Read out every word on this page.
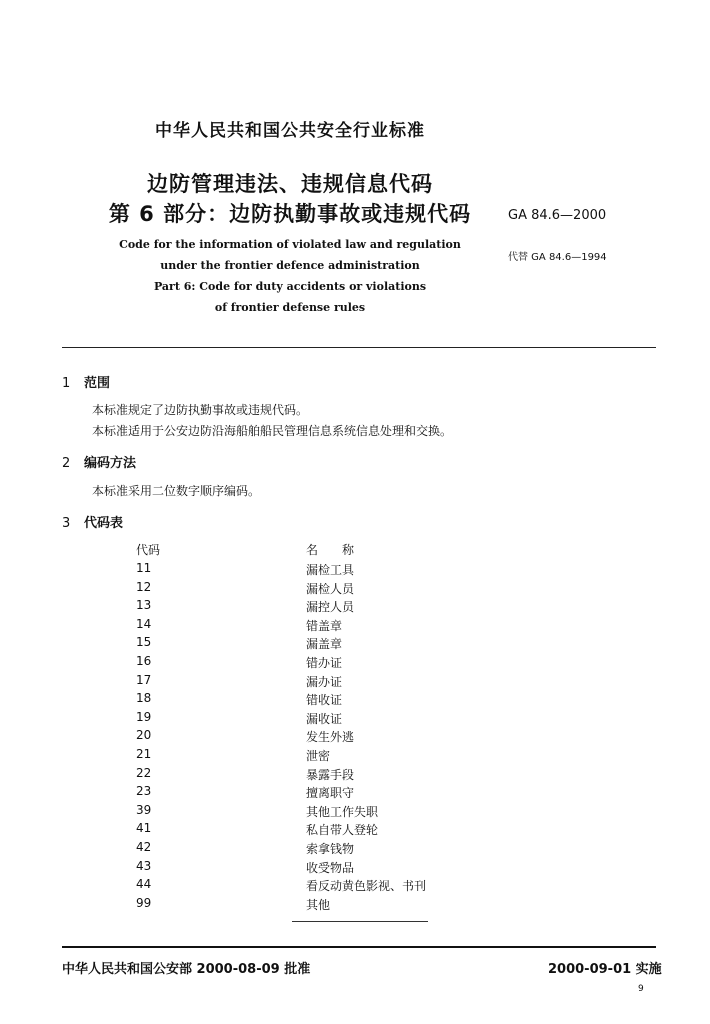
中华人民共和国公共安全行业标准
边防管理违法、违规信息代码
第 6 部分：边防执勤事故或违规代码	GA 84.6—2000
代替 GA 84.6—1994
Code for the information of violated law and regulation
under the frontier defence administration
Part 6: Code for duty accidents or violations
of frontier defense rules
1 范围
本标准规定了边防执勤事故或违规代码。
本标准适用于公安边防沿海船舶船民管理信息系统信息处理和交换。
2 编码方法
本标准采用二位数字顺序编码。
3 代码表
代码	名　　称
11	漏检工具
12	漏检人员
13	漏控人员
14	错盖章
15	漏盖章
16	错办证
17	漏办证
18	错收证
19	漏收证
20	发生外逃
21	泄密
22	暴露手段
23	擅离职守
39	其他工作失职
41	私自带人登轮
42	索拿钱物
43	收受物品
44	看反动黄色影视、书刊
99	其他
中华人民共和国公安部 2000-08-09 批准	2000-09-01 实施
9
